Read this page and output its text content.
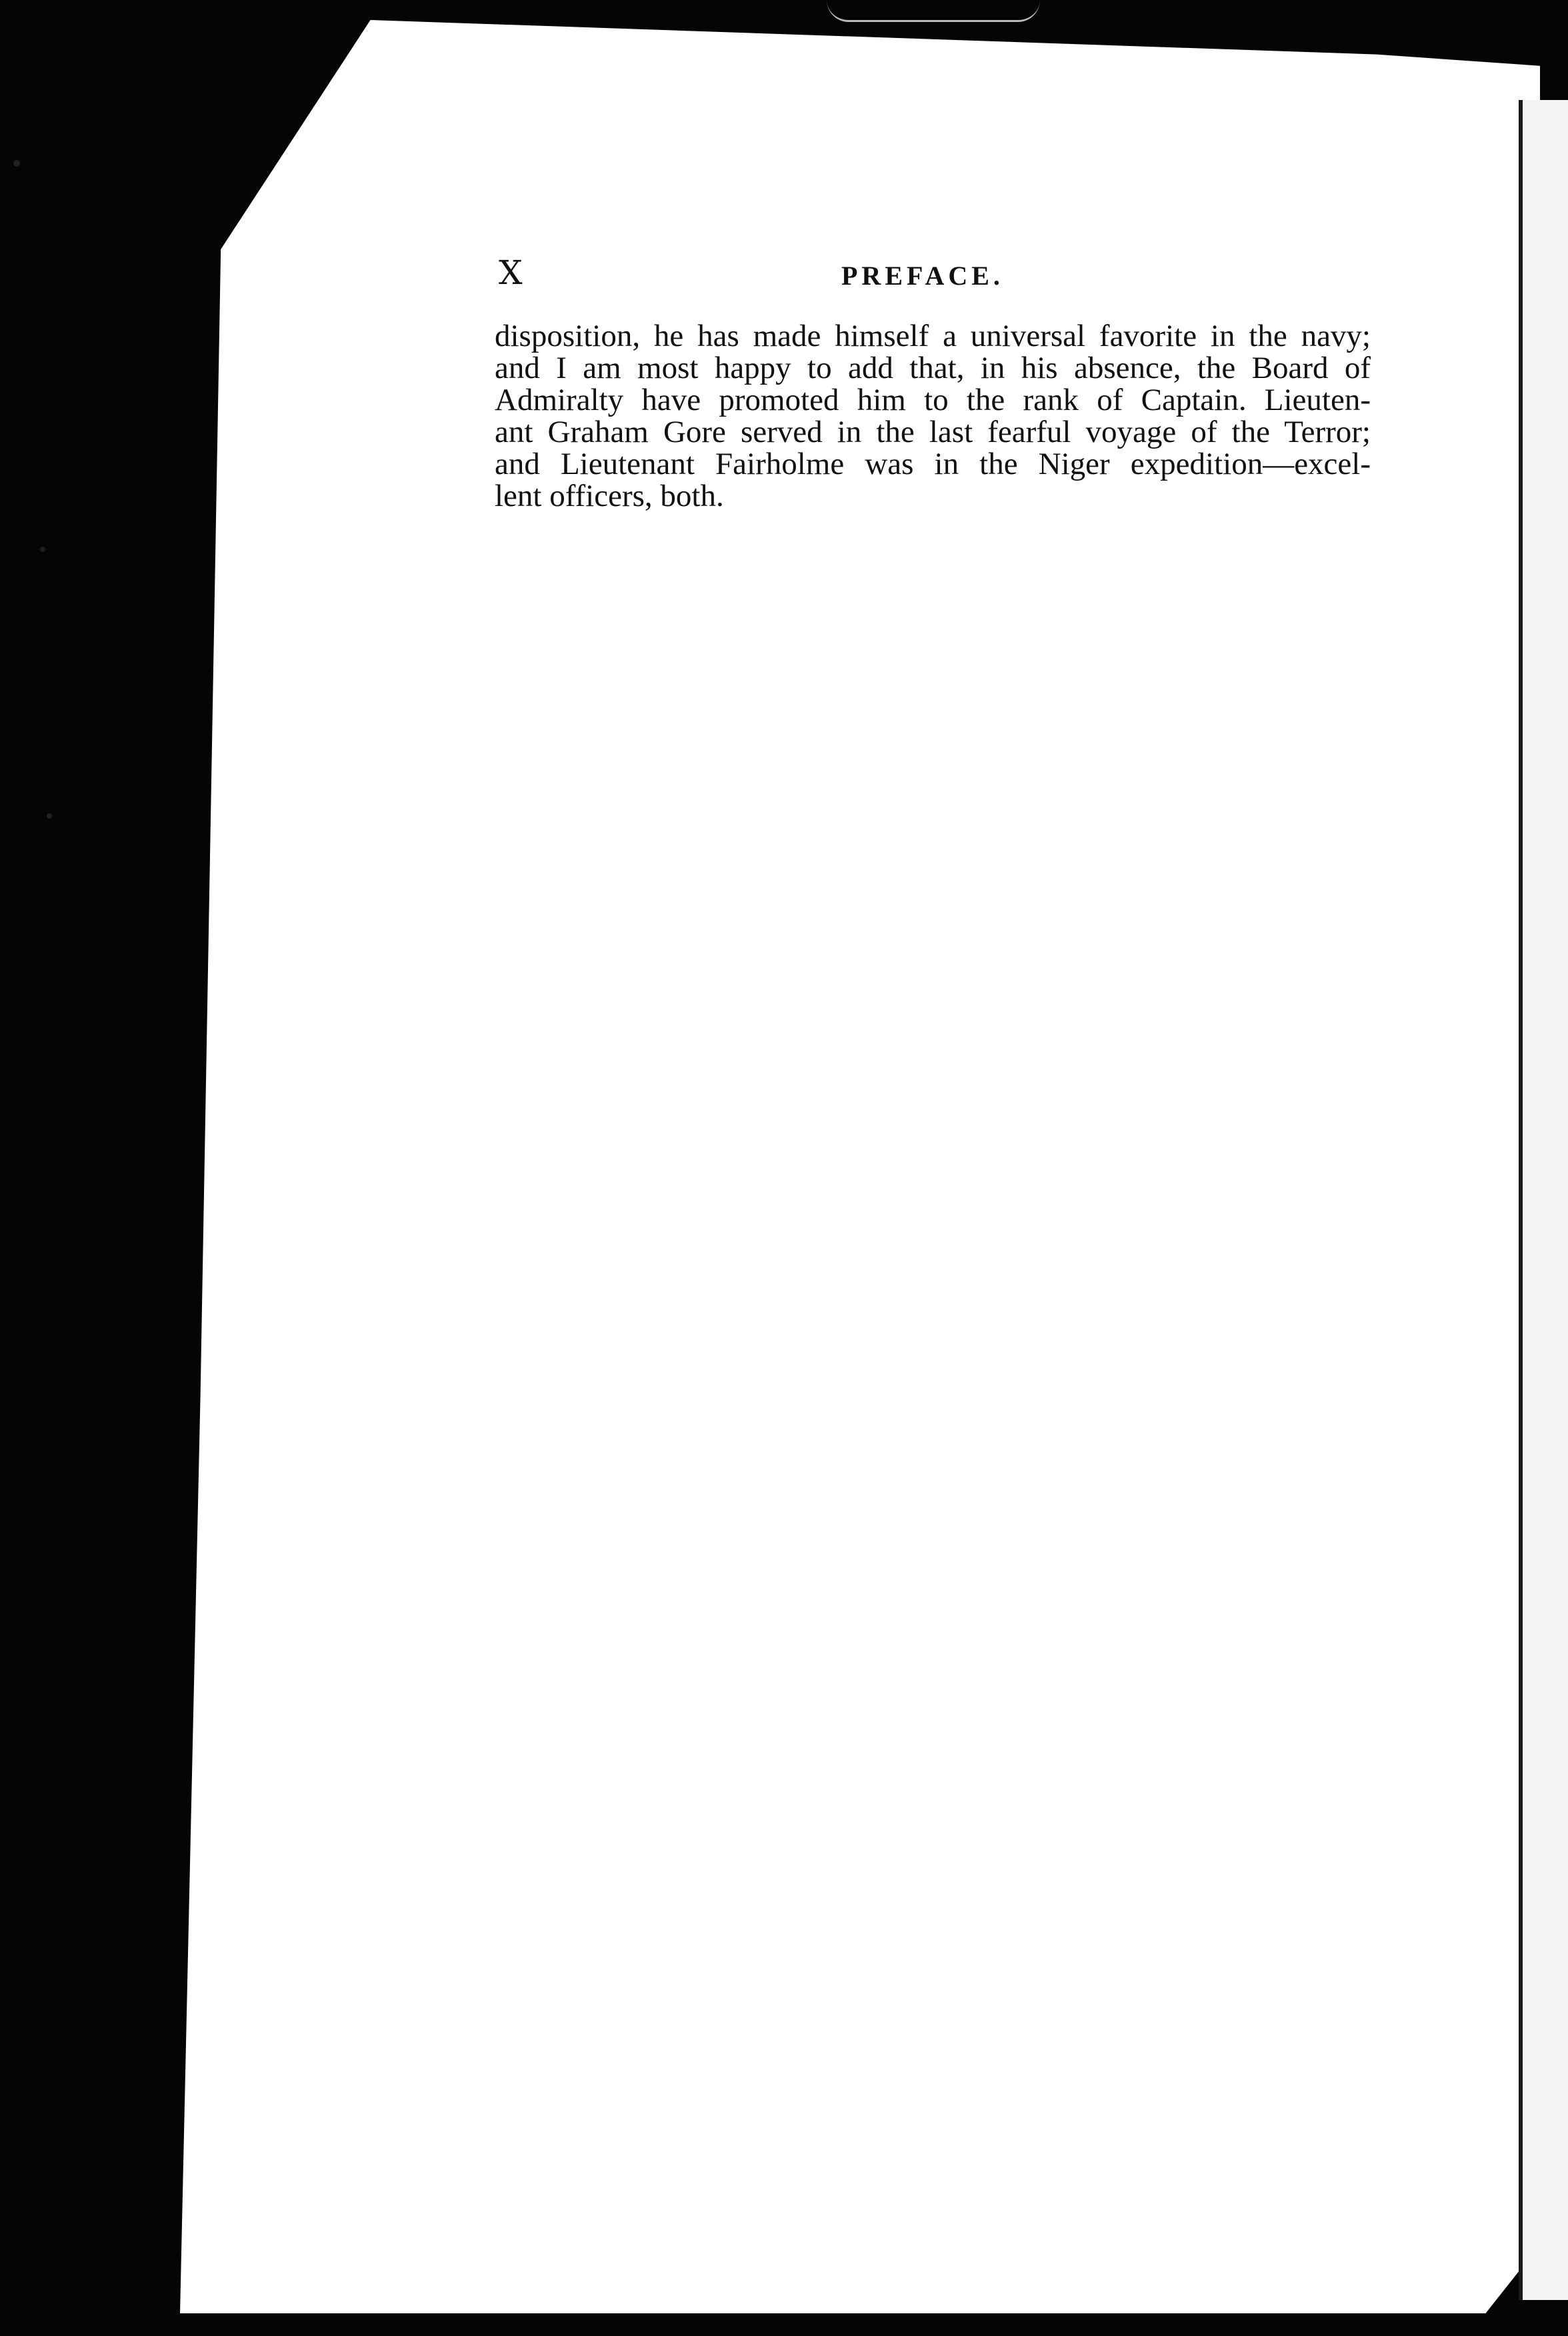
X	PREFACE.
disposition, he has made himself a universal favorite in the navy;
and I am most happy to add that, in his absence, the Board of
Admiralty have promoted him to the rank of Captain. Lieuten-
ant Graham Gore served in the last fearful voyage of the Terror;
and Lieutenant Fairholme was in the Niger expedition—excel-
lent officers, both.
